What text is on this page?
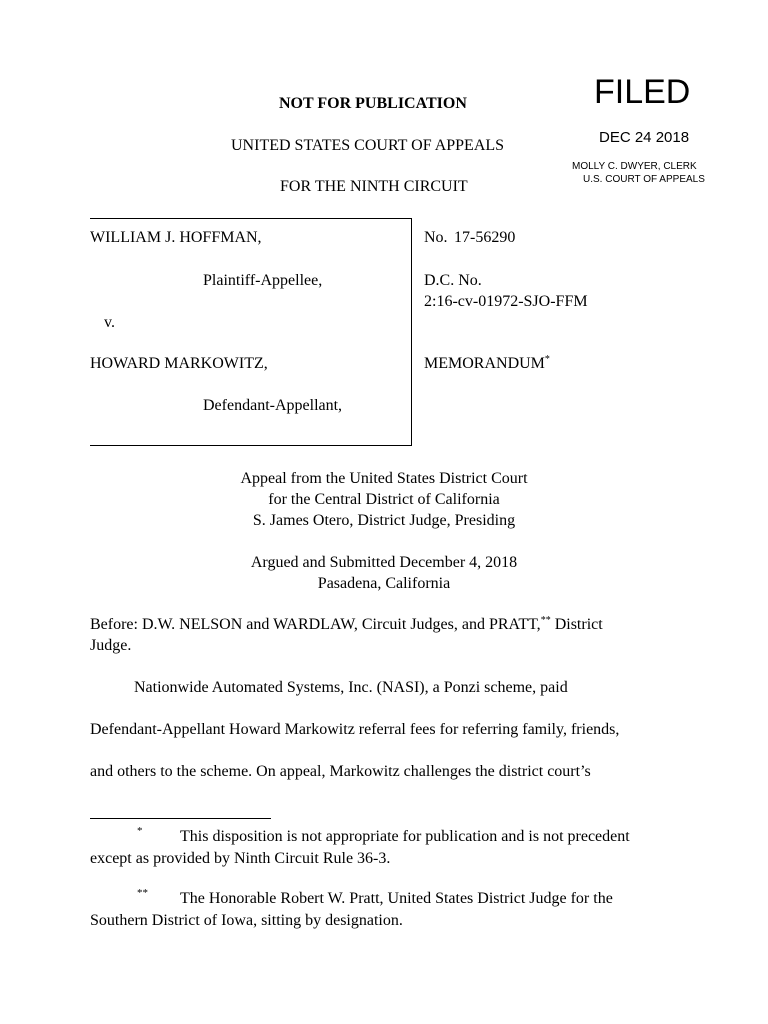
NOT FOR PUBLICATION
UNITED STATES COURT OF APPEALS
FOR THE NINTH CIRCUIT
FILED
DEC 24 2018
MOLLY C. DWYER, CLERK
U.S. COURT OF APPEALS
WILLIAM J. HOFFMAN,
Plaintiff-Appellee,
v.
HOWARD MARKOWITZ,
Defendant-Appellant,
No. 17-56290
D.C. No.
2:16-cv-01972-SJO-FFM
MEMORANDUM*
Appeal from the United States District Court
for the Central District of California
S. James Otero, District Judge, Presiding
Argued and Submitted December 4, 2018
Pasadena, California
Before: D.W. NELSON and WARDLAW, Circuit Judges, and PRATT,** District
Judge.
Nationwide Automated Systems, Inc. (NASI), a Ponzi scheme, paid
Defendant-Appellant Howard Markowitz referral fees for referring family, friends,
and others to the scheme. On appeal, Markowitz challenges the district court’s
* This disposition is not appropriate for publication and is not precedent
except as provided by Ninth Circuit Rule 36-3.
** The Honorable Robert W. Pratt, United States District Judge for the
Southern District of Iowa, sitting by designation.
